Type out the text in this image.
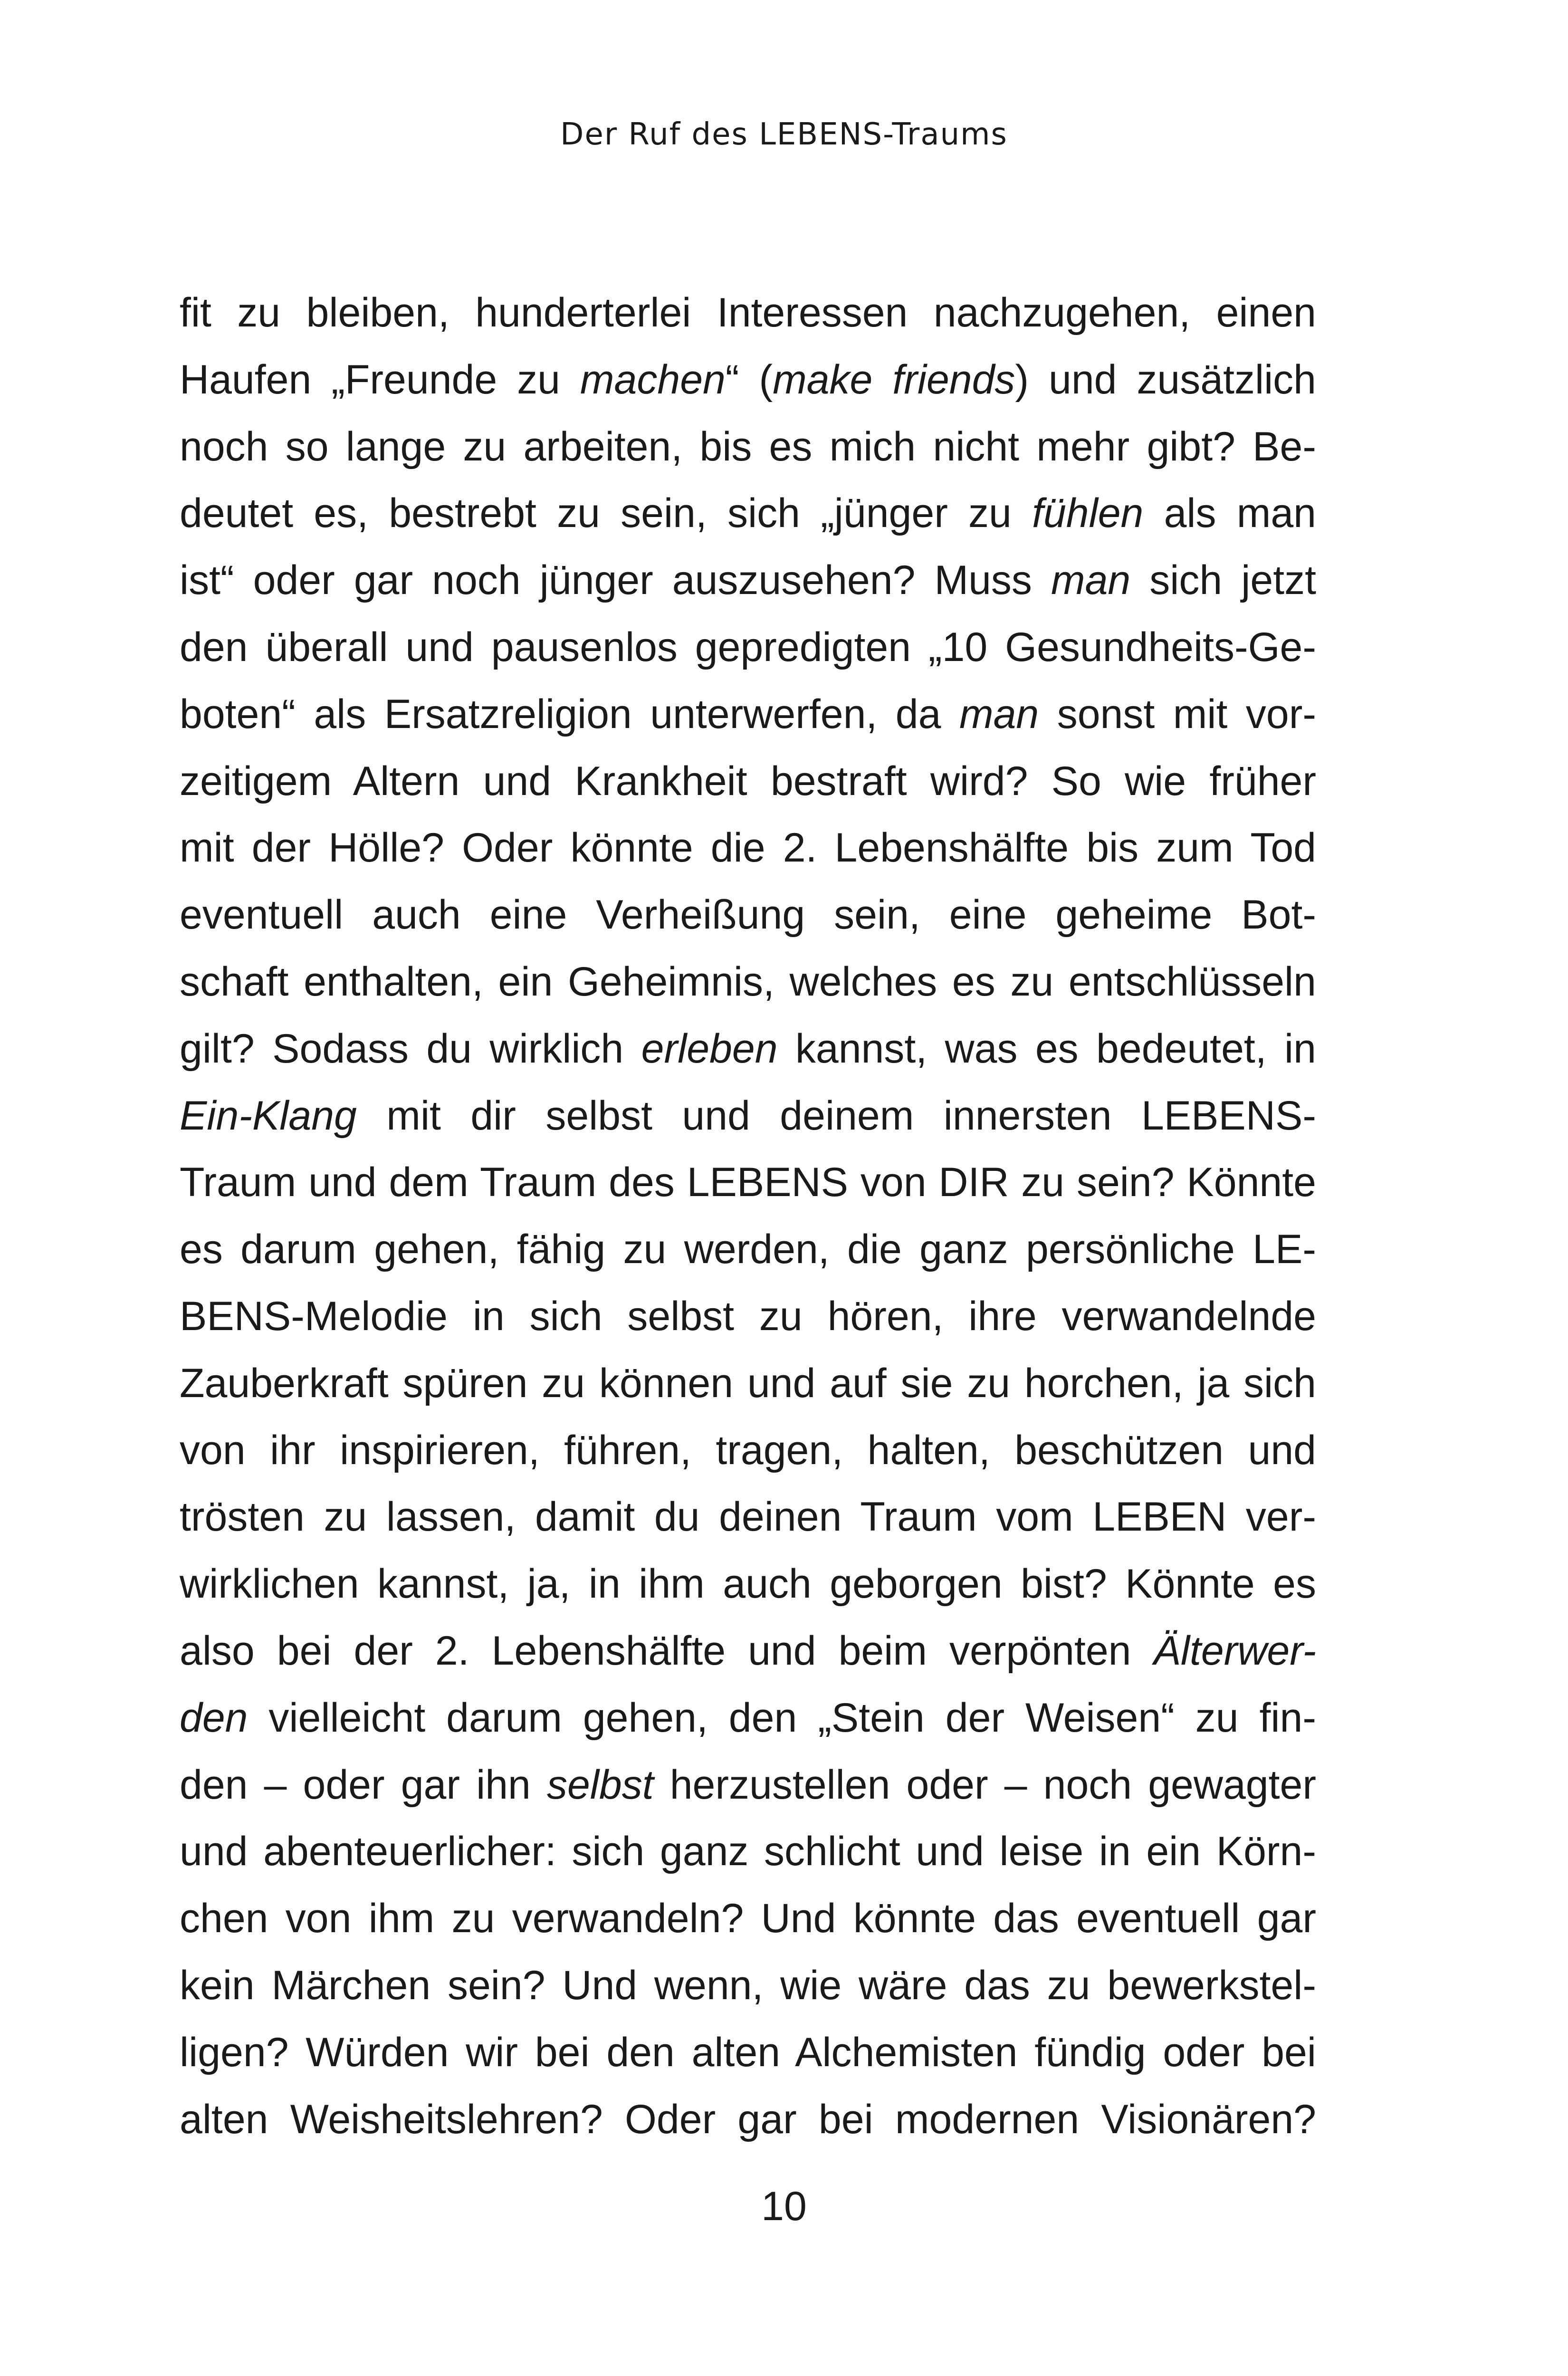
Der Ruf des LEBENS-Traums
fit zu bleiben, hunderterlei Interessen nachzugehen, einen
Haufen „Freunde zu machen“ (make friends) und zusätzlich
noch so lange zu arbeiten, bis es mich nicht mehr gibt? Be-
deutet es, bestrebt zu sein, sich „jünger zu fühlen als man
ist“ oder gar noch jünger auszusehen? Muss man sich jetzt
den überall und pausenlos gepredigten „10 Gesundheits-Ge-
boten“ als Ersatzreligion unterwerfen, da man sonst mit vor-
zeitigem Altern und Krankheit bestraft wird? So wie früher
mit der Hölle? Oder könnte die 2. Lebenshälfte bis zum Tod
eventuell auch eine Verheißung sein, eine geheime Bot-
schaft enthalten, ein Geheimnis, welches es zu entschlüsseln
gilt? Sodass du wirklich erleben kannst, was es bedeutet, in
Ein-Klang mit dir selbst und deinem innersten LEBENS-
Traum und dem Traum des LEBENS von DIR zu sein? Könnte
es darum gehen, fähig zu werden, die ganz persönliche LE-
BENS-Melodie in sich selbst zu hören, ihre verwandelnde
Zauberkraft spüren zu können und auf sie zu horchen, ja sich
von ihr inspirieren, führen, tragen, halten, beschützen und
trösten zu lassen, damit du deinen Traum vom LEBEN ver-
wirklichen kannst, ja, in ihm auch geborgen bist? Könnte es
also bei der 2. Lebenshälfte und beim verpönten Älterwer-
den vielleicht darum gehen, den „Stein der Weisen“ zu fin-
den – oder gar ihn selbst herzustellen oder – noch gewagter
und abenteuerlicher: sich ganz schlicht und leise in ein Körn-
chen von ihm zu verwandeln? Und könnte das eventuell gar
kein Märchen sein? Und wenn, wie wäre das zu bewerkstel-
ligen? Würden wir bei den alten Alchemisten fündig oder bei
alten Weisheitslehren? Oder gar bei modernen Visionären?
10
